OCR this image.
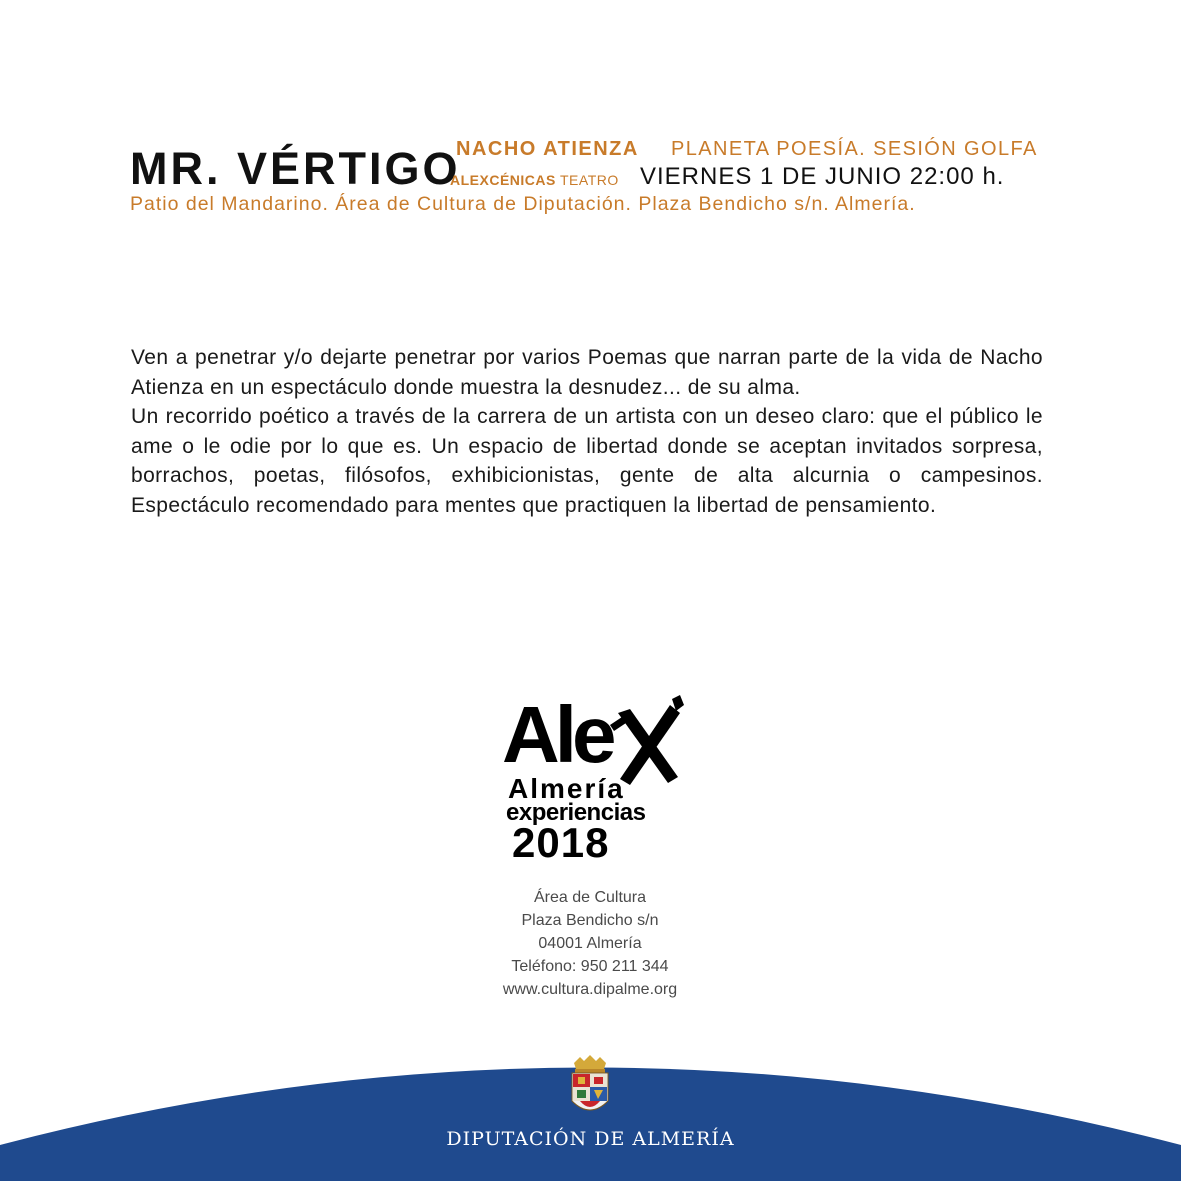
MR. VÉRTIGO
NACHO ATIENZA PLANETA POESÍA. SESIÓN GOLFA
ALEXCÉNICAS TEATRO VIERNES 1 DE JUNIO 22:00 h.
Patio del Mandarino. Área de Cultura de Diputación. Plaza Bendicho s/n. Almería.

Ven a penetrar y/o dejarte penetrar por varios Poemas que narran parte de la vida de Nacho Atienza en un espectáculo donde muestra la desnudez... de su alma.

Un recorrido poético a través de la carrera de un artista con un deseo claro: que el público le ame o le odie por lo que es. Un espacio de libertad donde se aceptan invitados sorpresa, borrachos, poetas, filósofos, exhibicionistas, gente de alta alcurnia o campesinos. Espectáculo recomendado para mentes que practiquen la libertad de pensamiento.

Ale
Almería
experiencias
2018
Área de Cultura
Plaza Bendicho s/n
04001 Almería
Teléfono: 950 211 344
www.cultura.dipalme.org
DIPUTACIÓN DE ALMERÍA
